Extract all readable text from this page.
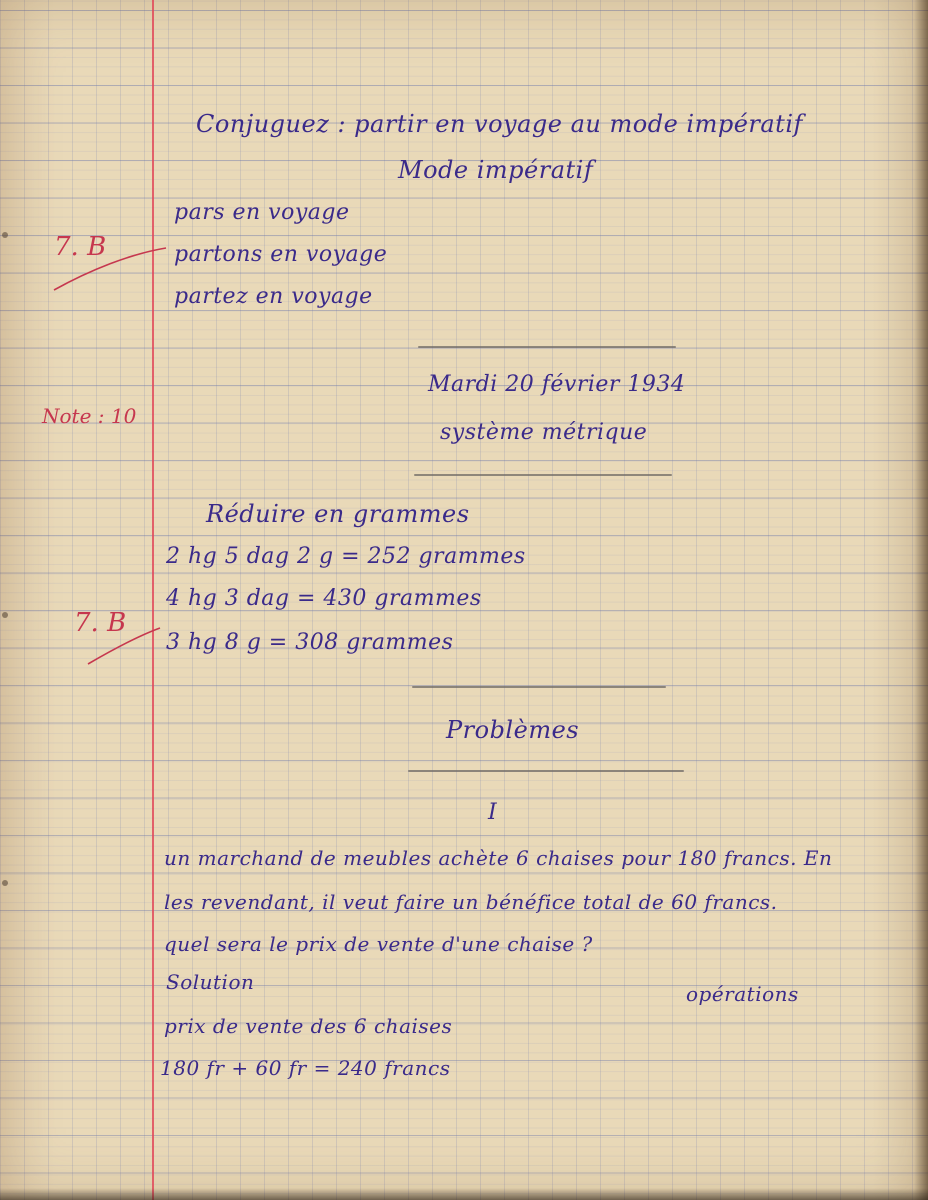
Conjuguez : partir en voyage au mode impératif
Mode impératif
pars en voyage
partons en voyage
partez en voyage
7. B
Note : 10
7. B
Mardi 20 février 1934
système métrique
Réduire en grammes
2 hg 5 dag 2 g = 252 grammes
4 hg 3 dag = 430 grammes
3 hg 8 g = 308 grammes
Problèmes
I
un marchand de meubles achète 6 chaises pour 180 francs. En
les revendant, il veut faire un bénéfice total de 60 francs.
quel sera le prix de vente d'une chaise ?
Solution	opérations
prix de vente des 6 chaises
180 fr + 60 fr = 240 francs
